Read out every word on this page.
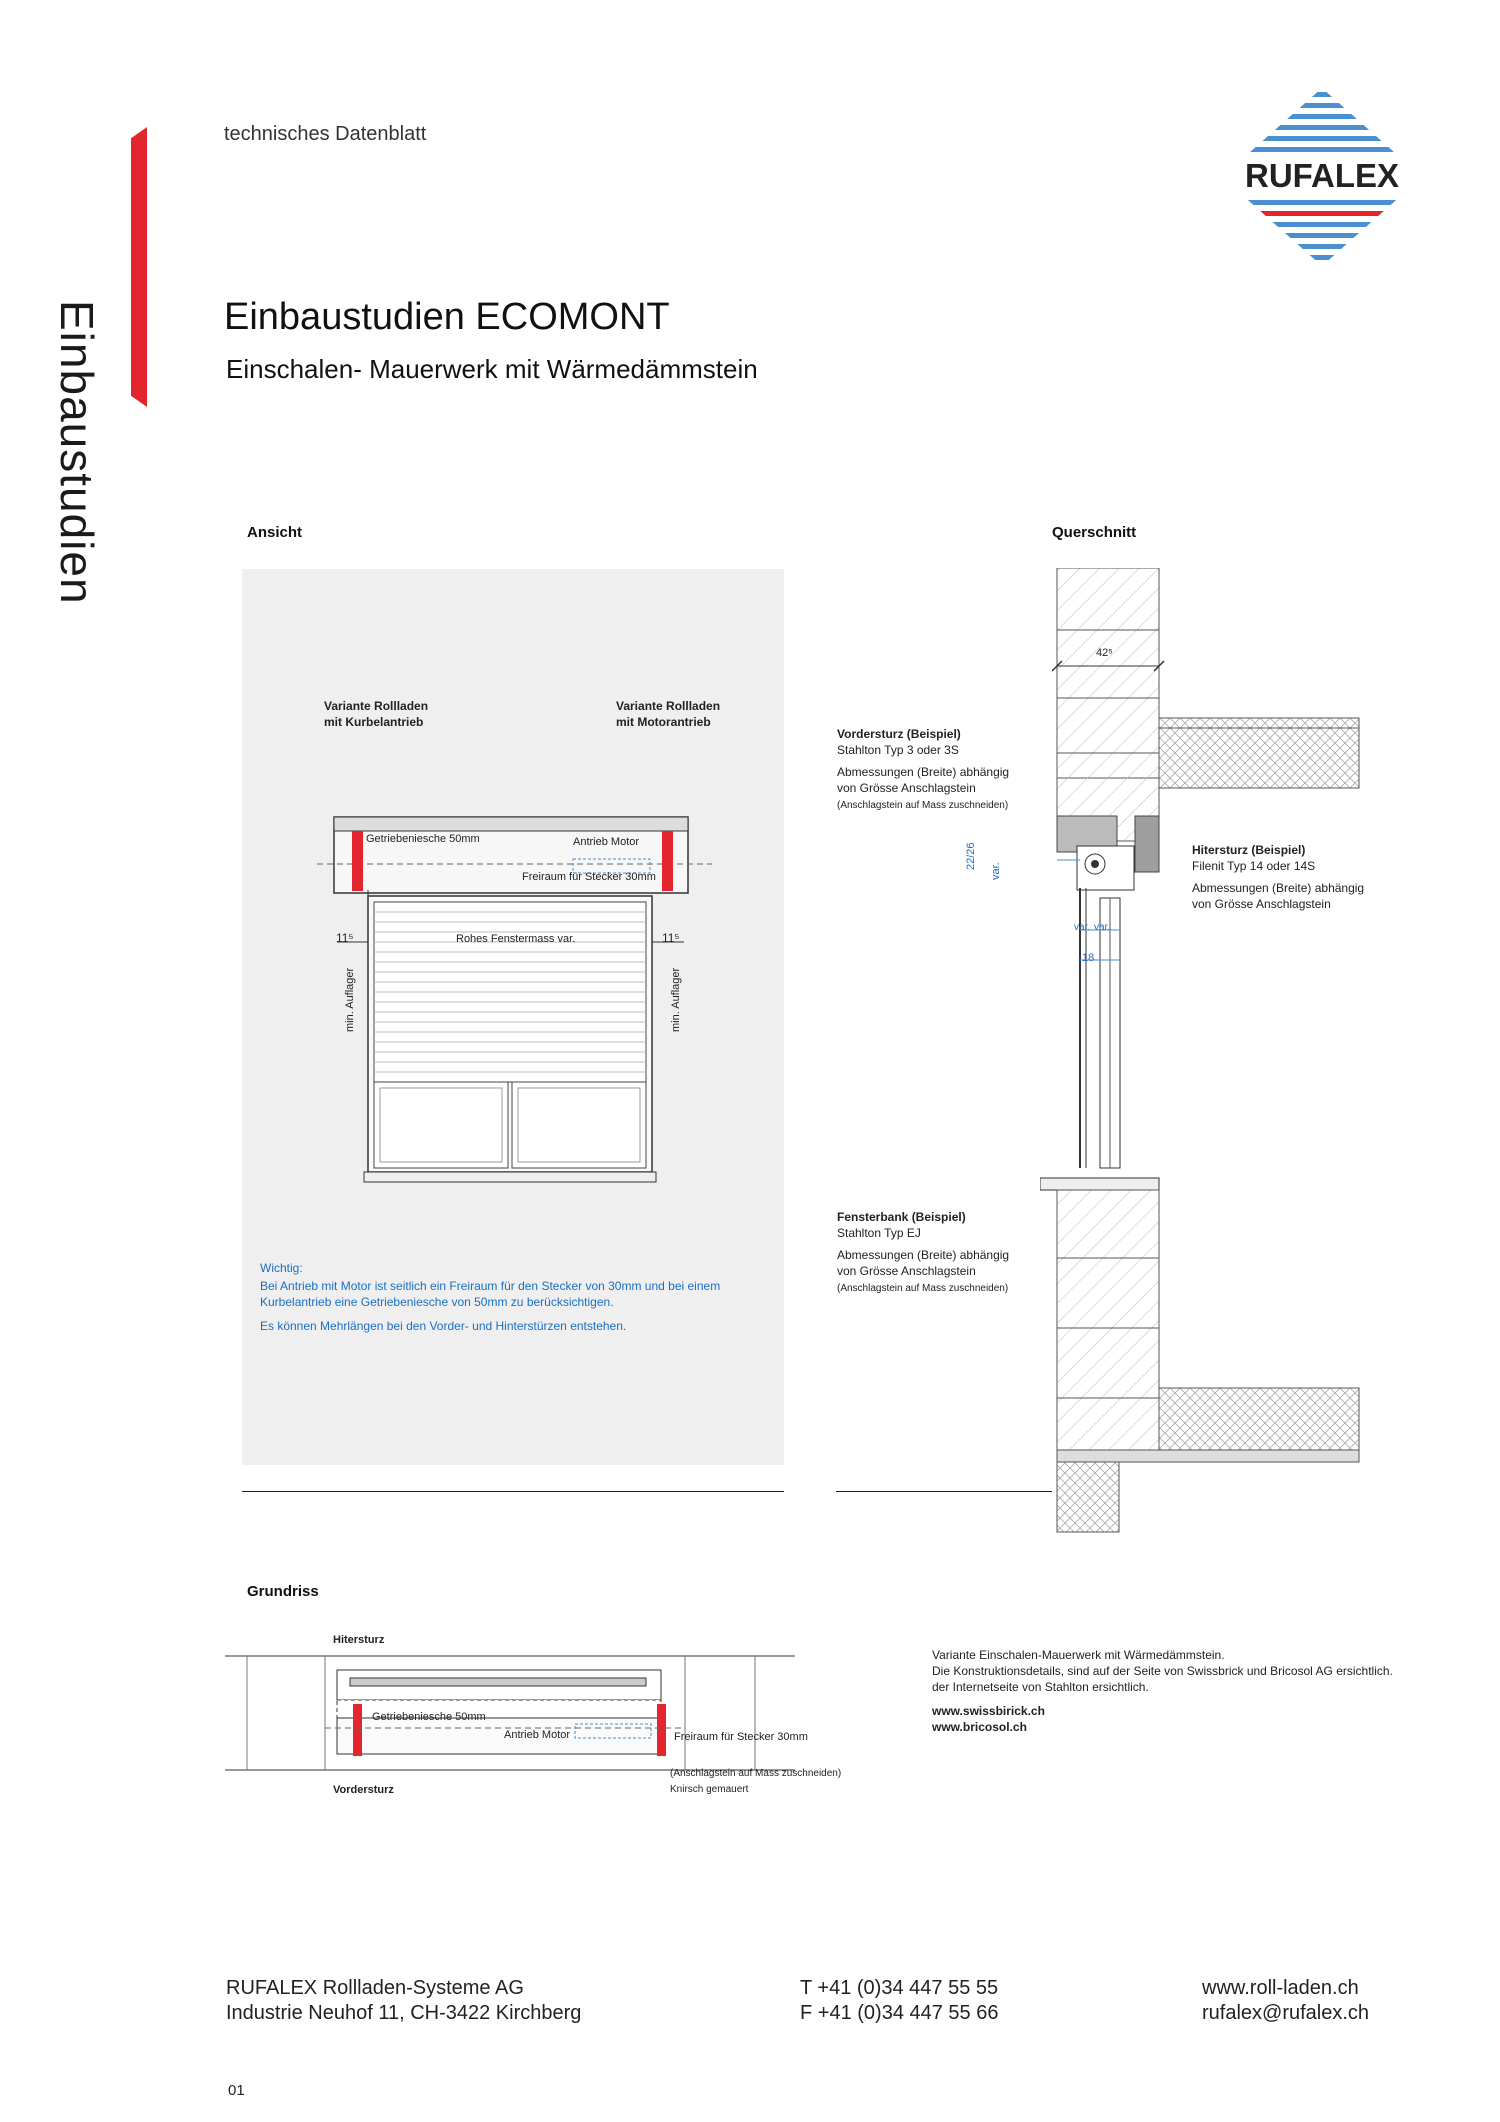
Einbaustudien
technisches Datenblatt
RUFALEX
Einbaustudien ECOMONT
Einschalen- Mauerwerk mit Wärmedämmstein
Ansicht
Variante Rollladen
mit Kurbelantrieb
Variante Rollladen
mit Motorantrieb
Getriebeniesche 50mm	Antrieb Motor
Freiraum für Stecker 30mm
Rohes Fenstermass var.
11⁵	11⁵
min. Auflager	min. Auflager
Wichtig:
Bei Antrieb mit Motor ist seitlich ein Freiraum für den Stecker von 30mm und bei einem
Kurbelantrieb eine Getriebeniesche von 50mm zu berücksichtigen.
Es können Mehrlängen bei den Vorder- und Hinterstürzen entstehen.
Querschnitt
42⁵
22/26
var.
var. var.
18
Vordersturz (Beispiel)
Stahlton Typ 3 oder 3S

Abmessungen (Breite) abhängig
von Grösse Anschlagstein
(Anschlagstein auf Mass zuschneiden)
Hitersturz (Beispiel)
Filenit Typ 14 oder 14S

Abmessungen (Breite) abhängig
von Grösse Anschlagstein
Fensterbank (Beispiel)
Stahlton Typ EJ

Abmessungen (Breite) abhängig
von Grösse Anschlagstein
(Anschlagstein auf Mass zuschneiden)
Grundriss
Hitersturz
Getriebeniesche 50mm
Antrieb Motor	Freiraum für Stecker 30mm
Vordersturz
(Anschlagstein auf Mass zuschneiden)
Knirsch gemauert
Variante Einschalen-Mauerwerk mit Wärmedämmstein.
Die Konstruktionsdetails, sind auf der Seite von Swissbrick und Bricosol AG ersichtlich.
der Internetseite von Stahlton ersichtlich.

www.swissbirick.ch
www.bricosol.ch
RUFALEX Rollladen-Systeme AG
Industrie Neuhof 11, CH-3422 Kirchberg
T +41 (0)34 447 55 55
F +41 (0)34 447 55 66
www.roll-laden.ch
rufalex@rufalex.ch
01
